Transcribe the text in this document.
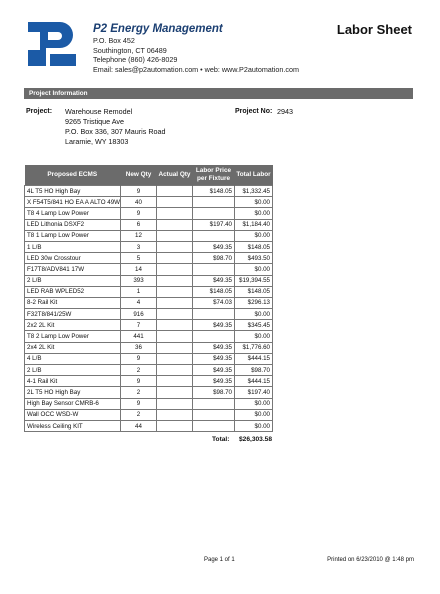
P2 Energy Management
P.O. Box 452
Southington, CT 06489
Telephone (860) 426-8029
Email: sales@p2automation.com • web: www.P2automation.com
Labor Sheet
Project Information
Project: Warehouse Remodel
9265 Tristique Ave
P.O. Box 336, 307 Mauris Road
Laramie, WY 18303
Project No: 2943
Proposed ECMS	New Qty	Actual Qty	Labor Price per Fixture	Total Labor
4L T5 HO High Bay	9		$148.05	$1,332.45
X F54T5/841 HO EA A ALTO 49W	40			$0.00
T8 4 Lamp Low Power	9			$0.00
LED Lithonia DSXF2	6		$197.40	$1,184.40
T8 1 Lamp Low Power	12			$0.00
1 L/B	3		$49.35	$148.05
LED 30w Crosstour	5		$98.70	$493.50
F17T8/ADV841 17W	14			$0.00
2 L/B	393		$49.35	$19,394.55
LED RAB WPLED52	1		$148.05	$148.05
8-2 Rail Kit	4		$74.03	$296.13
F32T8/841/25W	916			$0.00
2x2 2L Kit	7		$49.35	$345.45
T8 2 Lamp Low Power	441			$0.00
2x4 2L Kit	36		$49.35	$1,776.60
4 L/B	9		$49.35	$444.15
2 L/B	2		$49.35	$98.70
4-1 Rail Kit	9		$49.35	$444.15
2L T5 HO High Bay	2		$98.70	$197.40
High Bay Sensor CMRB-6	9			$0.00
Wall OCC WSD-W	2			$0.00
Wireless Ceiling KIT	44			$0.00
Total:	$26,303.58
Page 1 of 1	Printed on 6/23/2010 @ 1:48 pm
